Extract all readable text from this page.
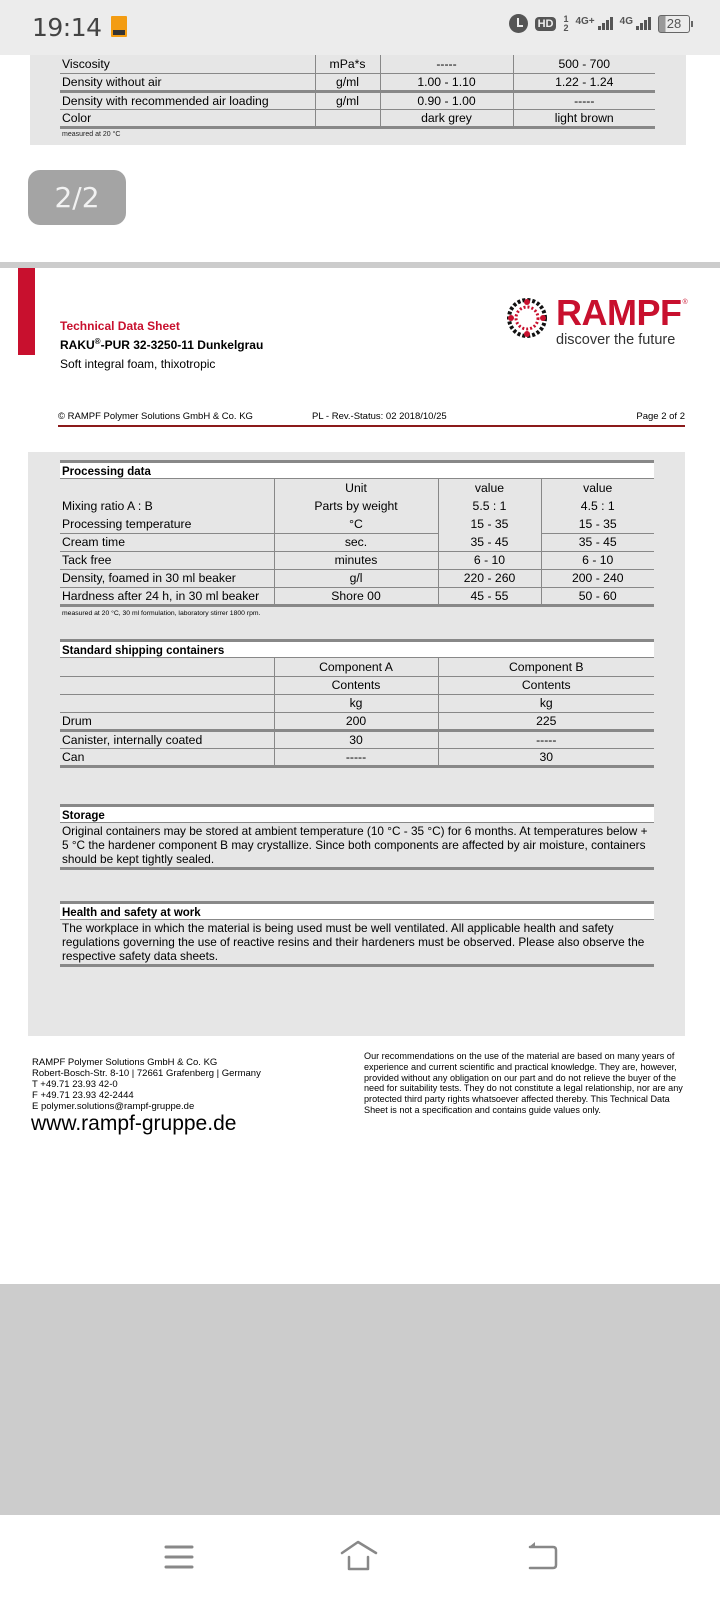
19:14	HD	1
2
4G+	4G	28
Viscosity	mPa*s	-----	500 - 700
Density without air	g/ml	1.00 - 1.10	1.22 - 1.24
Density with recommended air loading	g/ml	0.90 - 1.00	-----
Color		dark grey	light brown
measured at 20 °C
2/2
Technical Data Sheet
RAKU®-PUR 32-3250-11 Dunkelgrau
Soft integral foam, thixotropic
RAMPF ®
discover the future
© RAMPF Polymer Solutions GmbH & Co. KG	PL - Rev.-Status: 02 2018/10/25	Page 2 of 2
Processing data
	Unit	value	value
Mixing ratio A : B	Parts by weight	5.5 : 1	4.5 : 1
Processing temperature	°C	15 - 35	15 - 35
Cream time	sec.	35 - 45	35 - 45
Tack free	minutes	6 - 10	6 - 10
Density, foamed in 30 ml beaker	g/l	220 - 260	200 - 240
Hardness after 24 h, in 30 ml beaker	Shore 00	45 - 55	50 - 60
measured at 20 °C, 30 ml formulation, laboratory stirrer 1800 rpm.
Standard shipping containers
	Component A	Component B
	Contents	Contents
	kg	kg
Drum	200	225
Canister, internally coated	30	-----
Can	-----	30
Storage
Original containers may be stored at ambient temperature (10 °C - 35 °C) for 6 months. At temperatures below + 5 °C the hardener component B may crystallize. Since both components are affected by air moisture, containers should be kept tightly sealed.
Health and safety at work
The workplace in which the material is being used must be well ventilated. All applicable health and safety regulations governing the use of reactive resins and their hardeners must be observed. Please also observe the respective safety data sheets.
RAMPF Polymer Solutions GmbH & Co. KG
Robert-Bosch-Str. 8-10 | 72661 Grafenberg | Germany
T +49.71 23.93 42-0
F +49.71 23.93 42-2444
E polymer.solutions@rampf-gruppe.de
www.rampf-gruppe.de
Our recommendations on the use of the material are based on many years of experience and current scientific and practical knowledge. They are, however, provided without any obligation on our part and do not relieve the buyer of the need for suitability tests. They do not constitute a legal relationship, nor are any protected third party rights whatsoever affected thereby. This Technical Data Sheet is not a specification and contains guide values only.
